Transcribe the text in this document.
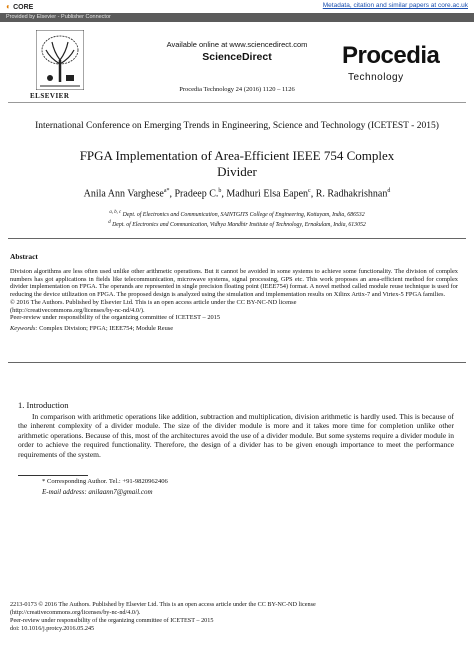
◐ CORE	Metadata, citation and similar papers at core.ac.uk
Provided by Elsevier - Publisher Connector
ELSEVIER
Available online at www.sciencedirect.com
ScienceDirect
Procedia Technology 24 (2016) 1120 – 1126
Procedia
Technology
International Conference on Emerging Trends in Engineering, Science and Technology (ICETEST - 2015)
FPGA Implementation of Area-Efficient IEEE 754 Complex
Divider
Anila Ann Varghese$^{a*}$, Pradeep C.$^b$, Madhuri Elsa Eapen$^c$, R. Radhakrishnan$^d$
$^{a, b, c}$ Dept. of Electronics and Communication, SAINTGITS College of Engineering, Kottayam, India, 686532
$^d$ Dept. of Electronics and Communication, Vidhya Mandhir Institute of Technology, Ernakulam, India, 613052
Abstract
Division algorithms are less often used unlike other arithmetic operations. But it cannot be avoided in some systems to achieve some functionality. The division of complex numbers has got applications in fields like telecommunication, microwave systems, signal processing, GPS etc. This work proposes an area-efficient method for complex divider implementation on FPGA. The operands are represented in single precision floating point (IEEE754) format. A novel method called module reuse technique is used for reducing the device utilization on FPGA. The proposed design is analyzed using the simulation and implementation results on Xilinx Artix-7 and Virtex-5 FPGA families.
© 2016 The Authors. Published by Elsevier Ltd. This is an open access article under the CC BY-NC-ND license
(http://creativecommons.org/licenses/by-nc-nd/4.0/).
Peer-review under responsibility of the organizing committee of ICETEST – 2015
Keywords: Complex Division; FPGA; IEEE754; Module Reuse
1. Introduction
In comparison with arithmetic operations like addition, subtraction and multiplication, division arithmetic is hardly used. This is because of the inherent complexity of a divider module. The size of the divider module is more and it takes more time for completion unlike other arithmetic operations. Because of this, most of the architectures avoid the use of a divider module. But some systems require a divider module in order to achieve the required functionality. Therefore, the design of a divider has to be given enough importance to meet the performance requirements of the system.
* Corresponding Author. Tel.: +91-9820962406
E-mail address: anilaann7@gmail.com
2213-0173 © 2016 The Authors. Published by Elsevier Ltd. This is an open access article under the CC BY-NC-ND license
(http://creativecommons.org/licenses/by-nc-nd/4.0/).
Peer-review under responsibility of the organizing committee of ICETEST – 2015
doi: 10.1016/j.protcy.2016.05.245
